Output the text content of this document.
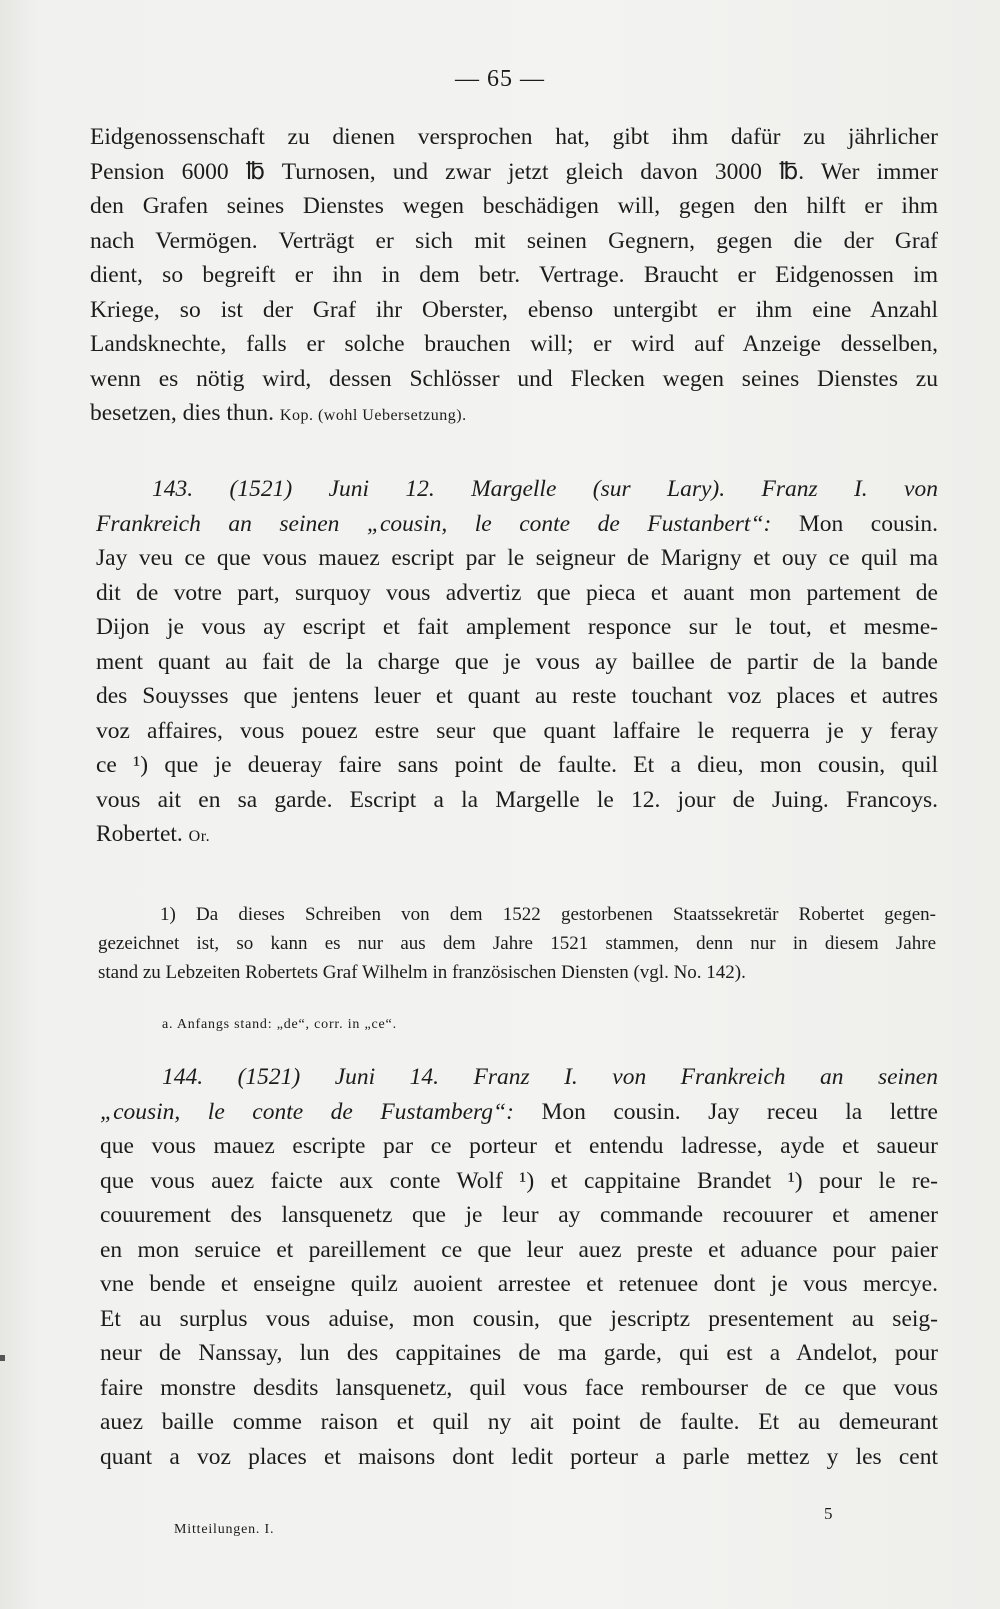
— 65 —
Eidgenossenschaft zu dienen versprochen hat, gibt ihm dafür zu jährlicher
Pension 6000 ℔ Turnosen, und zwar jetzt gleich davon 3000 ℔. Wer immer
den Grafen seines Dienstes wegen beschädigen will, gegen den hilft er ihm
nach Vermögen. Verträgt er sich mit seinen Gegnern, gegen die der Graf
dient, so begreift er ihn in dem betr. Vertrage. Braucht er Eidgenossen im
Kriege, so ist der Graf ihr Oberster, ebenso untergibt er ihm eine Anzahl
Landsknechte, falls er solche brauchen will; er wird auf Anzeige desselben,
wenn es nötig wird, dessen Schlösser und Flecken wegen seines Dienstes zu
besetzen, dies thun. Kop. (wohl Uebersetzung).
143. (1521) Juni 12. Margelle (sur Lary). Franz I. von
Frankreich an seinen „cousin, le conte de Fustanbert“: Mon cousin.
Jay veu ce que vous mauez escript par le seigneur de Marigny et ouy ce quil ma
dit de votre part, surquoy vous advertiz que pieca et auant mon partement de
Dijon je vous ay escript et fait amplement responce sur le tout, et mesme-
ment quant au fait de la charge que je vous ay baillee de partir de la bande
des Souysses que jentens leuer et quant au reste touchant voz places et autres
voz affaires, vous pouez estre seur que quant laffaire le requerra je y feray
ce ¹) que je deueray faire sans point de faulte. Et a dieu, mon cousin, quil
vous ait en sa garde. Escript a la Margelle le 12. jour de Juing. Francoys.
Robertet. Or.
1) Da dieses Schreiben von dem 1522 gestorbenen Staatssekretär Robertet gegen-
gezeichnet ist, so kann es nur aus dem Jahre 1521 stammen, denn nur in diesem Jahre
stand zu Lebzeiten Robertets Graf Wilhelm in französischen Diensten (vgl. No. 142).
a. Anfangs stand: „de“, corr. in „ce“.
144. (1521) Juni 14. Franz I. von Frankreich an seinen
„cousin, le conte de Fustamberg“: Mon cousin. Jay receu la lettre
que vous mauez escripte par ce porteur et entendu ladresse, ayde et saueur
que vous auez faicte aux conte Wolf ¹) et cappitaine Brandet ¹) pour le re-
couurement des lansquenetz que je leur ay commande recouurer et amener
en mon seruice et pareillement ce que leur auez preste et aduance pour paier
vne bende et enseigne quilz auoient arrestee et retenuee dont je vous mercye.
Et au surplus vous aduise, mon cousin, que jescriptz presentement au seig-
neur de Nanssay, lun des cappitaines de ma garde, qui est a Andelot, pour
faire monstre desdits lansquenetz, quil vous face rembourser de ce que vous
auez baille comme raison et quil ny ait point de faulte. Et au demeurant
quant a voz places et maisons dont ledit porteur a parle mettez y les cent
Mitteilungen. I.
5
